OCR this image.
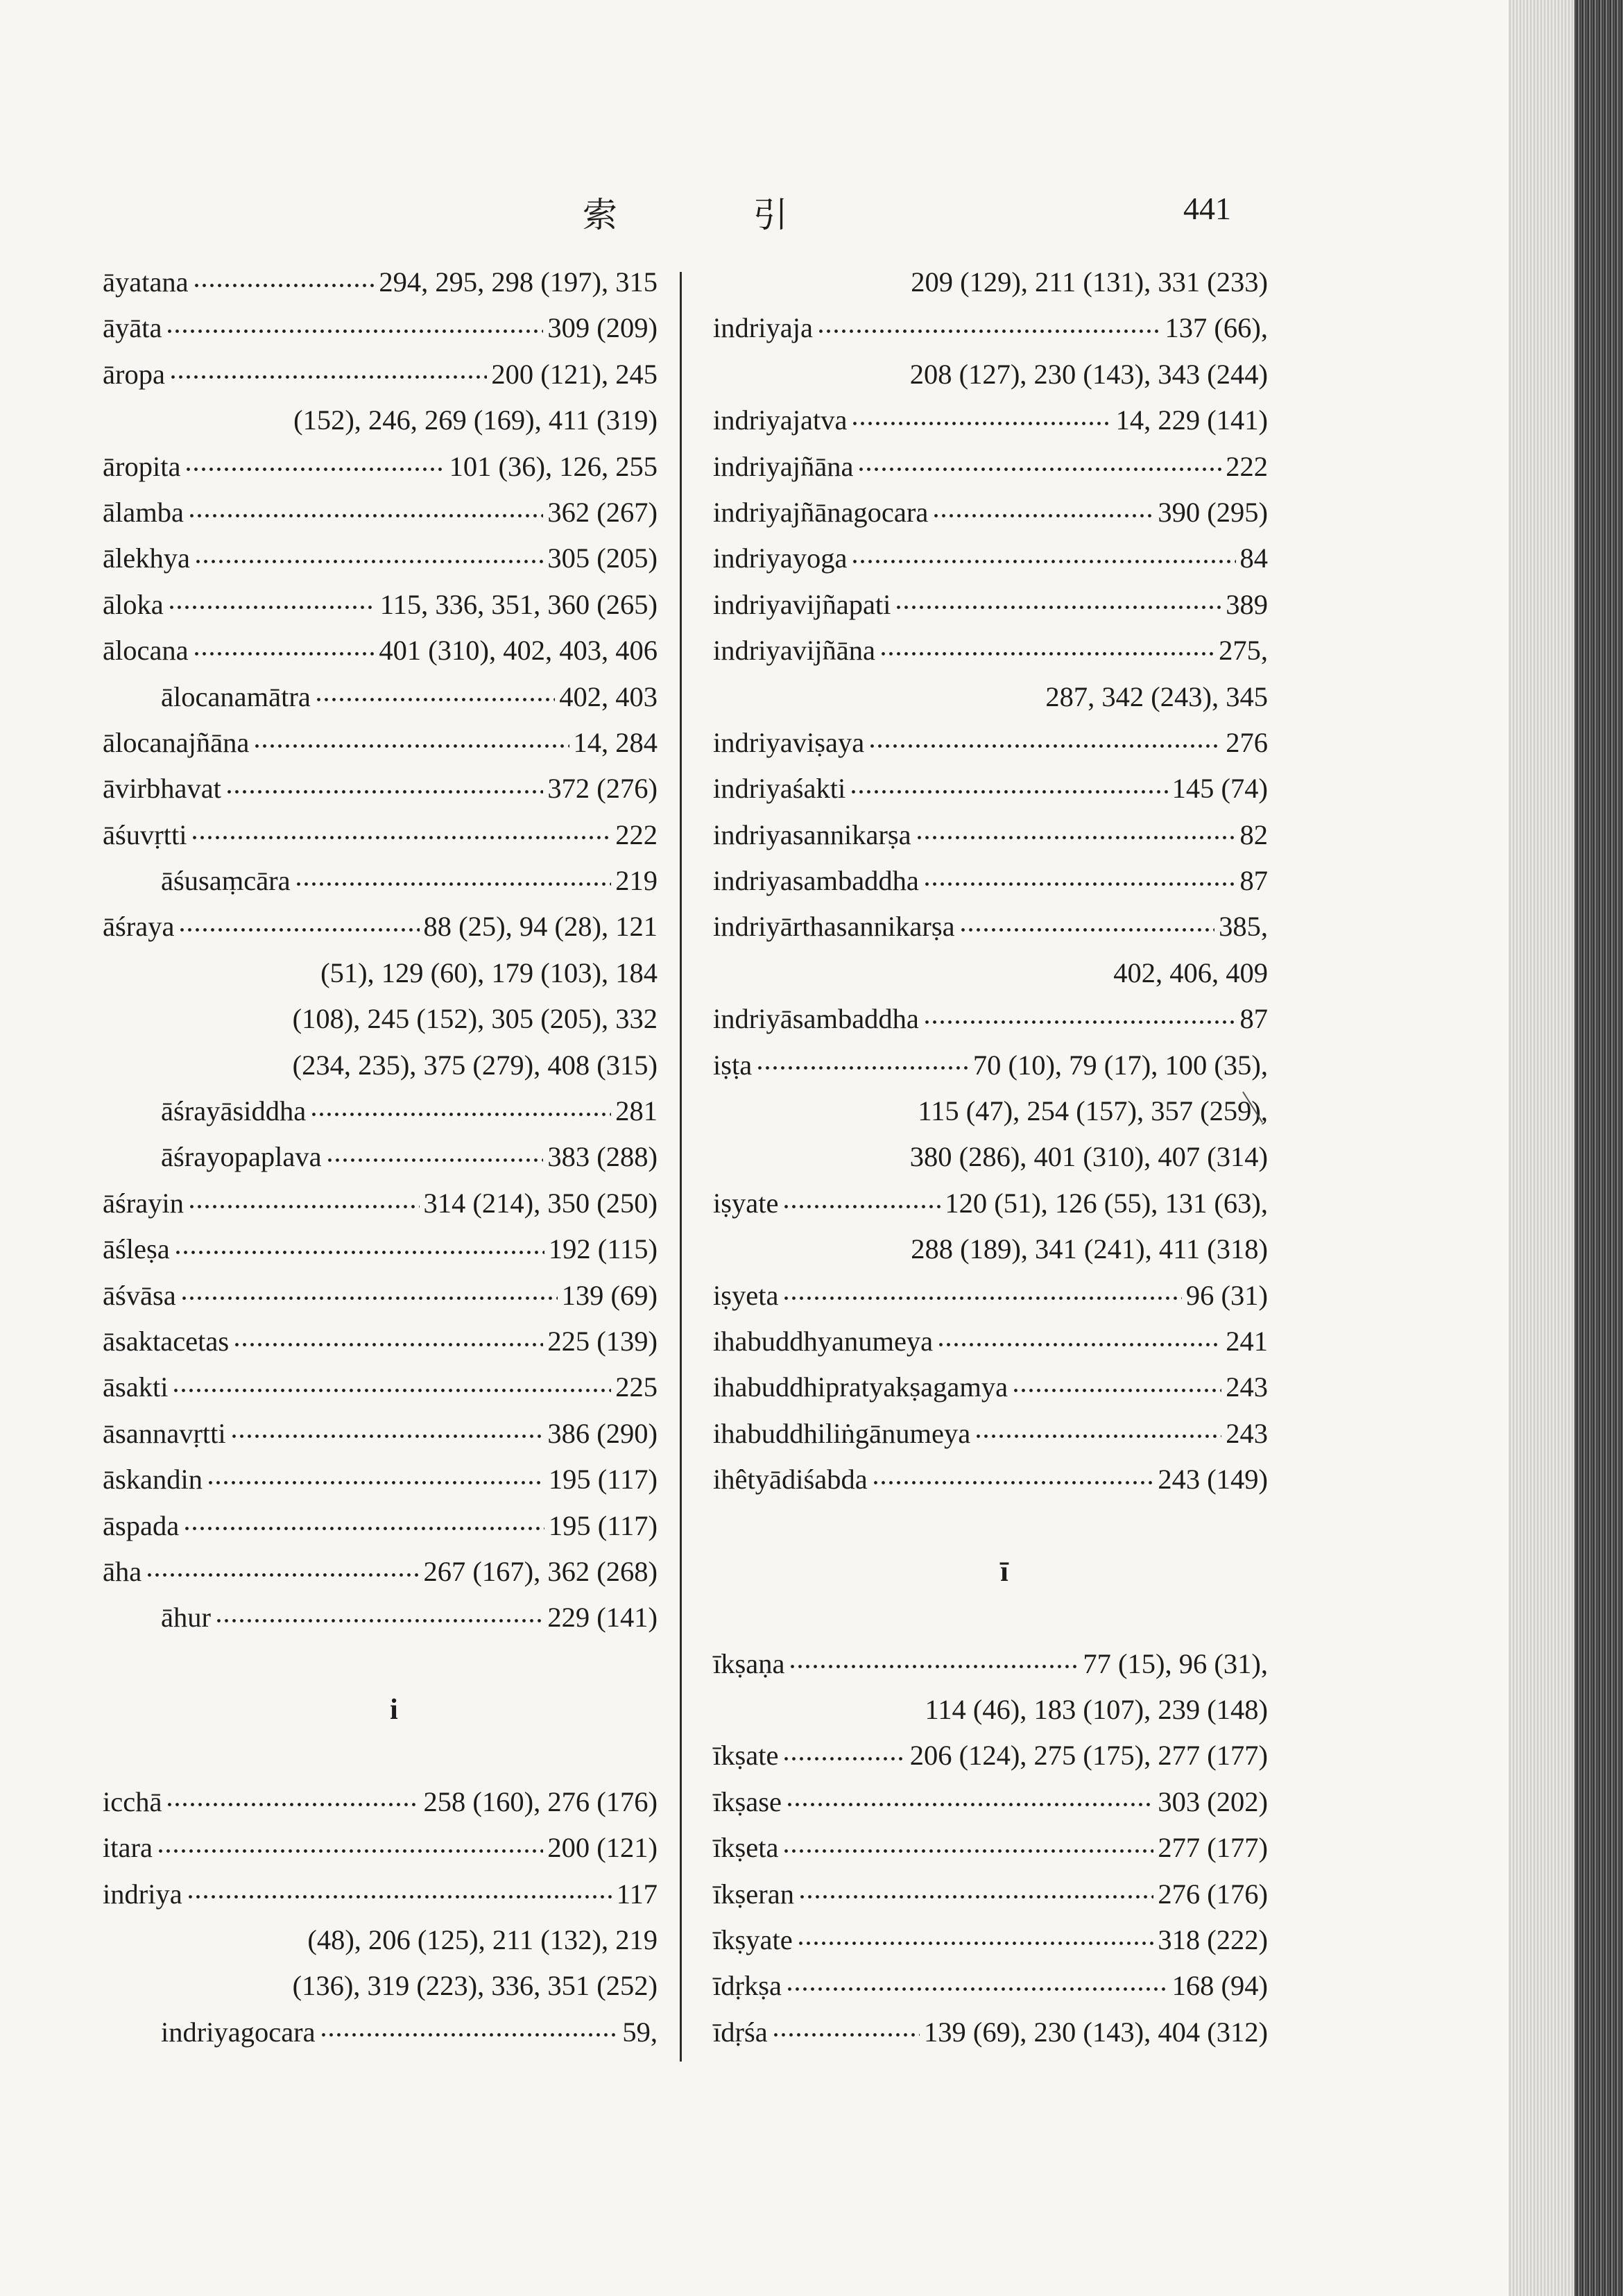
索 引	441
āyatana	294, 295, 298 (197), 315
āyāta	309 (209)
āropa	200 (121), 245
(152), 246, 269 (169), 411 (319)
āropita	101 (36), 126, 255
ālamba	362 (267)
ālekhya	305 (205)
āloka	115, 336, 351, 360 (265)
ālocana	401 (310), 402, 403, 406
ālocanamātra	402, 403
ālocanajñāna	14, 284
āvirbhavat	372 (276)
āśuvṛtti	222
āśusaṃcāra	219
āśraya	88 (25), 94 (28), 121
(51), 129 (60), 179 (103), 184
(108), 245 (152), 305 (205), 332
(234, 235), 375 (279), 408 (315)
āśrayāsiddha	281
āśrayopaplava	383 (288)
āśrayin	314 (214), 350 (250)
āśleṣa	192 (115)
āśvāsa	139 (69)
āsaktacetas	225 (139)
āsakti	225
āsannavṛtti	386 (290)
āskandin	195 (117)
āspada	195 (117)
āha	267 (167), 362 (268)
āhur	229 (141)
i
icchā	258 (160), 276 (176)
itara	200 (121)
indriya	117
(48), 206 (125), 211 (132), 219
(136), 319 (223), 336, 351 (252)
indriyagocara	59,
209 (129), 211 (131), 331 (233)
indriyaja	137 (66),
208 (127), 230 (143), 343 (244)
indriyajatva	14, 229 (141)
indriyajñāna	222
indriyajñānagocara	390 (295)
indriyayoga	84
indriyavijñapati	389
indriyavijñāna	275,
287, 342 (243), 345
indriyaviṣaya	276
indriyaśakti	145 (74)
indriyasannikarṣa	82
indriyasambaddha	87
indriyārthasannikarṣa	385,
402, 406, 409
indriyāsambaddha	87
iṣṭa	70 (10), 79 (17), 100 (35),
115 (47), 254 (157), 357 (259),
380 (286), 401 (310), 407 (314)
iṣyate	120 (51), 126 (55), 131 (63),
288 (189), 341 (241), 411 (318)
iṣyeta	96 (31)
ihabuddhyanumeya	241
ihabuddhipratyakṣagamya	243
ihabuddhiliṅgānumeya	243
ihêtyādiśabda	243 (149)
ī
īkṣaṇa	77 (15), 96 (31),
114 (46), 183 (107), 239 (148)
īkṣate	206 (124), 275 (175), 277 (177)
īkṣase	303 (202)
īkṣeta	277 (177)
īkṣeran	276 (176)
īkṣyate	318 (222)
īdṛkṣa	168 (94)
īdṛśa	139 (69), 230 (143), 404 (312)
